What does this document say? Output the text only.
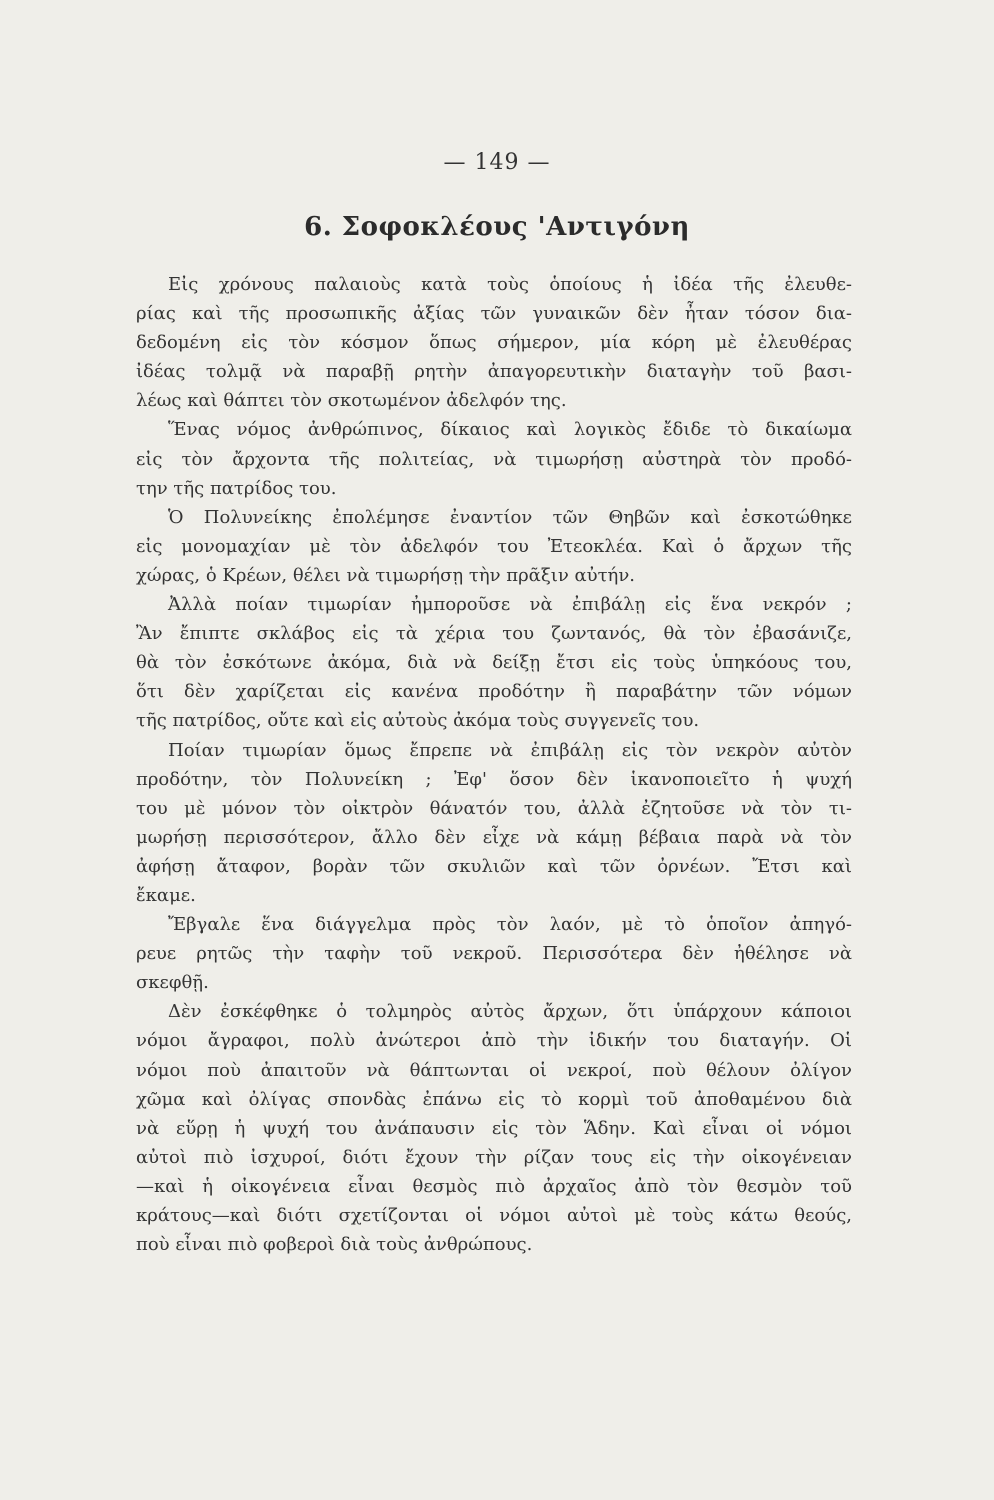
— 149 —
6. Σοφοκλέους 'Αντιγόνη
Εἰς χρόνους παλαιοὺς κατὰ τοὺς ὁποίους ἡ ἰδέα τῆς ἐλευθε-
ρίας καὶ τῆς προσωπικῆς ἀξίας τῶν γυναικῶν δὲν ἦταν τόσον δια-
δεδομένη εἰς τὸν κόσμον ὅπως σήμερον, μία κόρη μὲ ἐλευθέρας
ἰδέας τολμᾷ νὰ παραβῇ ρητὴν ἀπαγορευτικὴν διαταγὴν τοῦ βασι-
λέως καὶ θάπτει τὸν σκοτωμένον ἀδελφόν της.
Ἕνας νόμος ἀνθρώπινος, δίκαιος καὶ λογικὸς ἔδιδε τὸ δικαίωμα
εἰς τὸν ἄρχοντα τῆς πολιτείας, νὰ τιμωρήσῃ αὐστηρὰ τὸν προδό-
την τῆς πατρίδος του.
Ὁ Πολυνείκης ἐπολέμησε ἐναντίον τῶν Θηβῶν καὶ ἐσκοτώθηκε
εἰς μονομαχίαν μὲ τὸν ἀδελφόν του Ἐτεοκλέα. Καὶ ὁ ἄρχων τῆς
χώρας, ὁ Κρέων, θέλει νὰ τιμωρήσῃ τὴν πρᾶξιν αὐτήν.
Ἀλλὰ ποίαν τιμωρίαν ἠμποροῦσε νὰ ἐπιβάλῃ εἰς ἕνα νεκρόν ;
Ἂν ἔπιπτε σκλάβος εἰς τὰ χέρια του ζωντανός, θὰ τὸν ἐβασάνιζε,
θὰ τὸν ἐσκότωνε ἀκόμα, διὰ νὰ δείξῃ ἔτσι εἰς τοὺς ὑπηκόους του,
ὅτι δὲν χαρίζεται εἰς κανένα προδότην ἢ παραβάτην τῶν νόμων
τῆς πατρίδος, οὔτε καὶ εἰς αὐτοὺς ἀκόμα τοὺς συγγενεῖς του.
Ποίαν τιμωρίαν ὅμως ἔπρεπε νὰ ἐπιβάλῃ εἰς τὸν νεκρὸν αὐτὸν
προδότην, τὸν Πολυνείκη ; Ἐφ' ὅσον δὲν ἱκανοποιεῖτο ἡ ψυχή
του μὲ μόνον τὸν οἰκτρὸν θάνατόν του, ἀλλὰ ἐζητοῦσε νὰ τὸν τι-
μωρήσῃ περισσότερον, ἄλλο δὲν εἶχε νὰ κάμῃ βέβαια παρὰ νὰ τὸν
ἀφήσῃ ἄταφον, βορὰν τῶν σκυλιῶν καὶ τῶν ὀρνέων. Ἔτσι καὶ
ἔκαμε.
Ἔβγαλε ἕνα διάγγελμα πρὸς τὸν λαόν, μὲ τὸ ὁποῖον ἀπηγό-
ρευε ρητῶς τὴν ταφὴν τοῦ νεκροῦ. Περισσότερα δὲν ἠθέλησε νὰ
σκεφθῇ.
Δὲν ἐσκέφθηκε ὁ τολμηρὸς αὐτὸς ἄρχων, ὅτι ὑπάρχουν κάποιοι
νόμοι ἄγραφοι, πολὺ ἀνώτεροι ἀπὸ τὴν ἰδικήν του διαταγήν. Οἱ
νόμοι ποὺ ἀπαιτοῦν νὰ θάπτωνται οἱ νεκροί, ποὺ θέλουν ὀλίγον
χῶμα καὶ ὀλίγας σπονδὰς ἐπάνω εἰς τὸ κορμὶ τοῦ ἀποθαμένου διὰ
νὰ εὕρῃ ἡ ψυχή του ἀνάπαυσιν εἰς τὸν Ἅδην. Καὶ εἶναι οἱ νόμοι
αὐτοὶ πιὸ ἰσχυροί, διότι ἔχουν τὴν ρίζαν τους εἰς τὴν οἰκογένειαν
—καὶ ἡ οἰκογένεια εἶναι θεσμὸς πιὸ ἀρχαῖος ἀπὸ τὸν θεσμὸν τοῦ
κράτους—καὶ διότι σχετίζονται οἱ νόμοι αὐτοὶ μὲ τοὺς κάτω θεούς,
ποὺ εἶναι πιὸ φοβεροὶ διὰ τοὺς ἀνθρώπους.
